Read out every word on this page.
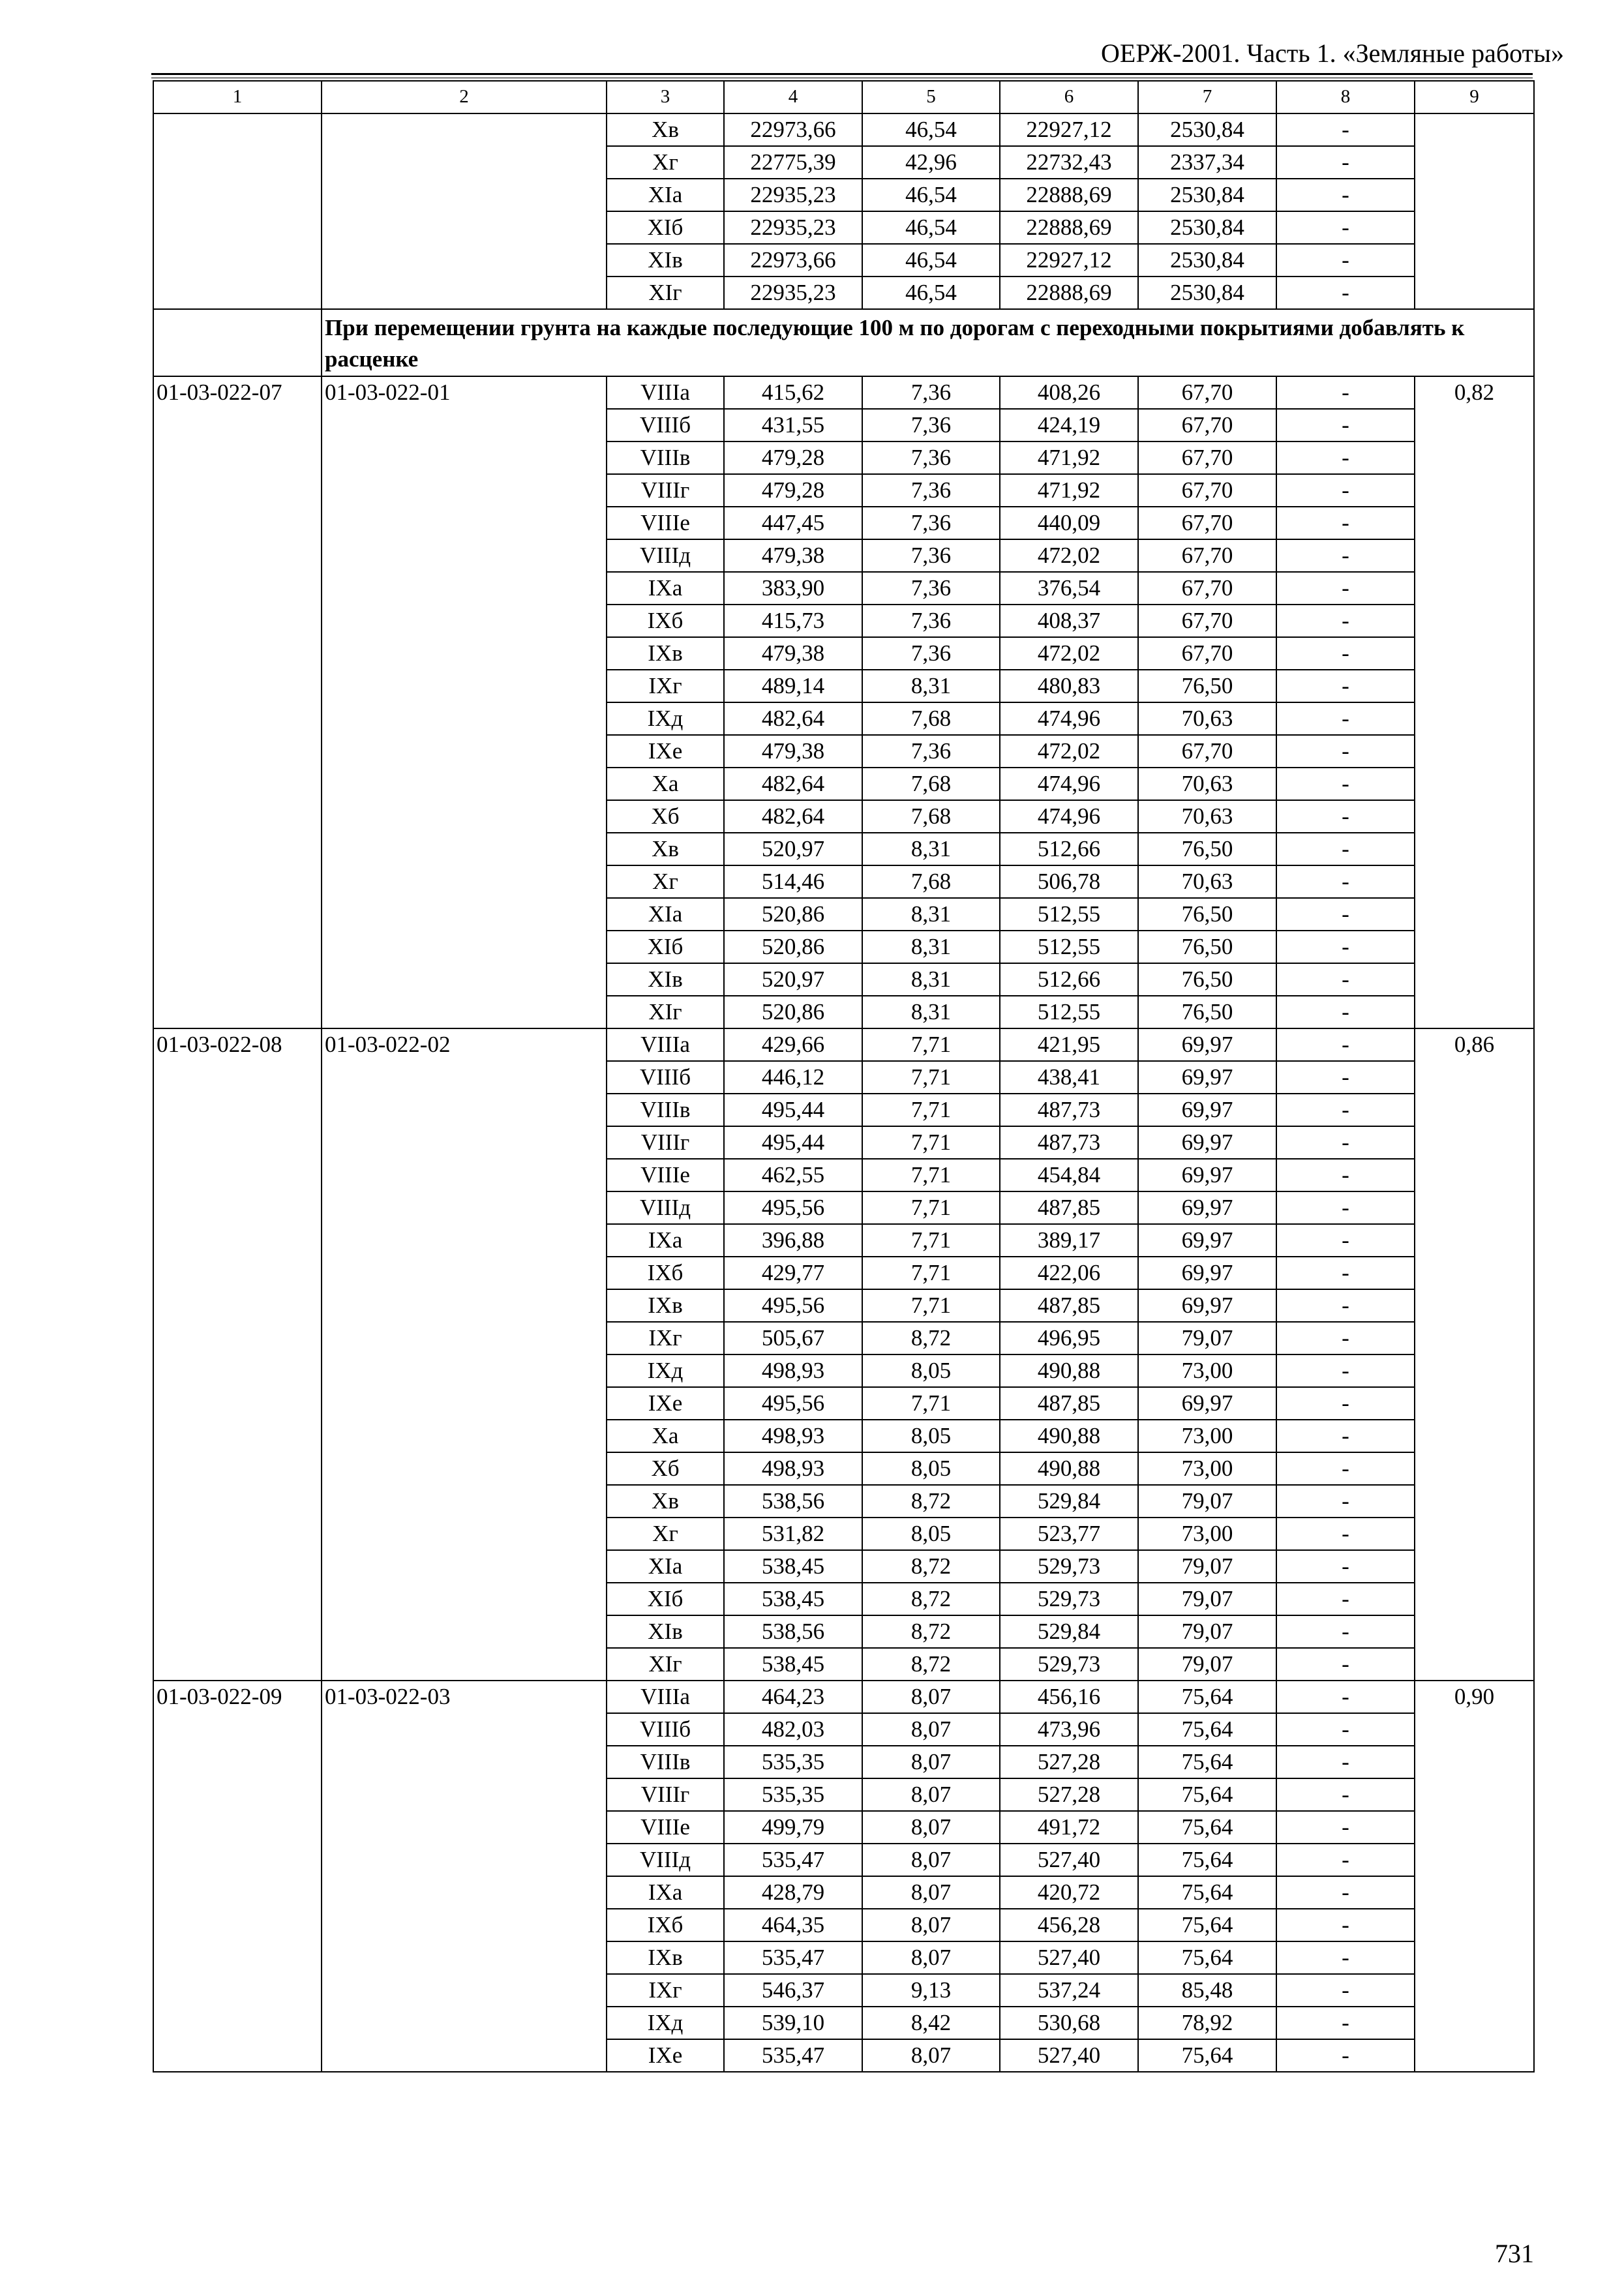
ОЕРЖ-2001. Часть 1. «Земляные работы»
1	2	3	4	5	6	7	8	9
		Xв	22973,66	46,54	22927,12	2530,84	-	
		Xг	22775,39	42,96	22732,43	2337,34	-	
		XIа	22935,23	46,54	22888,69	2530,84	-	
		XIб	22935,23	46,54	22888,69	2530,84	-	
		XIв	22973,66	46,54	22927,12	2530,84	-	
		XIг	22935,23	46,54	22888,69	2530,84	-	
	При перемещении грунта на каждые последующие 100 м по дорогам с переходными покрытиями добавлять к расценке							
01-03-022-07	01-03-022-01	VIIIа	415,62	7,36	408,26	67,70	-	0,82
		VIIIб	431,55	7,36	424,19	67,70	-	
		VIIIв	479,28	7,36	471,92	67,70	-	
		VIIIг	479,28	7,36	471,92	67,70	-	
		VIIIе	447,45	7,36	440,09	67,70	-	
		VIIIд	479,38	7,36	472,02	67,70	-	
		IXа	383,90	7,36	376,54	67,70	-	
		IXб	415,73	7,36	408,37	67,70	-	
		IXв	479,38	7,36	472,02	67,70	-	
		IXг	489,14	8,31	480,83	76,50	-	
		IXд	482,64	7,68	474,96	70,63	-	
		IXе	479,38	7,36	472,02	67,70	-	
		Xа	482,64	7,68	474,96	70,63	-	
		Xб	482,64	7,68	474,96	70,63	-	
		Xв	520,97	8,31	512,66	76,50	-	
		Xг	514,46	7,68	506,78	70,63	-	
		XIа	520,86	8,31	512,55	76,50	-	
		XIб	520,86	8,31	512,55	76,50	-	
		XIв	520,97	8,31	512,66	76,50	-	
		XIг	520,86	8,31	512,55	76,50	-	
01-03-022-08	01-03-022-02	VIIIа	429,66	7,71	421,95	69,97	-	0,86
		VIIIб	446,12	7,71	438,41	69,97	-	
		VIIIв	495,44	7,71	487,73	69,97	-	
		VIIIг	495,44	7,71	487,73	69,97	-	
		VIIIе	462,55	7,71	454,84	69,97	-	
		VIIIд	495,56	7,71	487,85	69,97	-	
		IXа	396,88	7,71	389,17	69,97	-	
		IXб	429,77	7,71	422,06	69,97	-	
		IXв	495,56	7,71	487,85	69,97	-	
		IXг	505,67	8,72	496,95	79,07	-	
		IXд	498,93	8,05	490,88	73,00	-	
		IXе	495,56	7,71	487,85	69,97	-	
		Xа	498,93	8,05	490,88	73,00	-	
		Xб	498,93	8,05	490,88	73,00	-	
		Xв	538,56	8,72	529,84	79,07	-	
		Xг	531,82	8,05	523,77	73,00	-	
		XIа	538,45	8,72	529,73	79,07	-	
		XIб	538,45	8,72	529,73	79,07	-	
		XIв	538,56	8,72	529,84	79,07	-	
		XIг	538,45	8,72	529,73	79,07	-	
01-03-022-09	01-03-022-03	VIIIа	464,23	8,07	456,16	75,64	-	0,90
		VIIIб	482,03	8,07	473,96	75,64	-	
		VIIIв	535,35	8,07	527,28	75,64	-	
		VIIIг	535,35	8,07	527,28	75,64	-	
		VIIIе	499,79	8,07	491,72	75,64	-	
		VIIIд	535,47	8,07	527,40	75,64	-	
		IXа	428,79	8,07	420,72	75,64	-	
		IXб	464,35	8,07	456,28	75,64	-	
		IXв	535,47	8,07	527,40	75,64	-	
		IXг	546,37	9,13	537,24	85,48	-	
		IXд	539,10	8,42	530,68	78,92	-	
		IXе	535,47	8,07	527,40	75,64	-	
731
